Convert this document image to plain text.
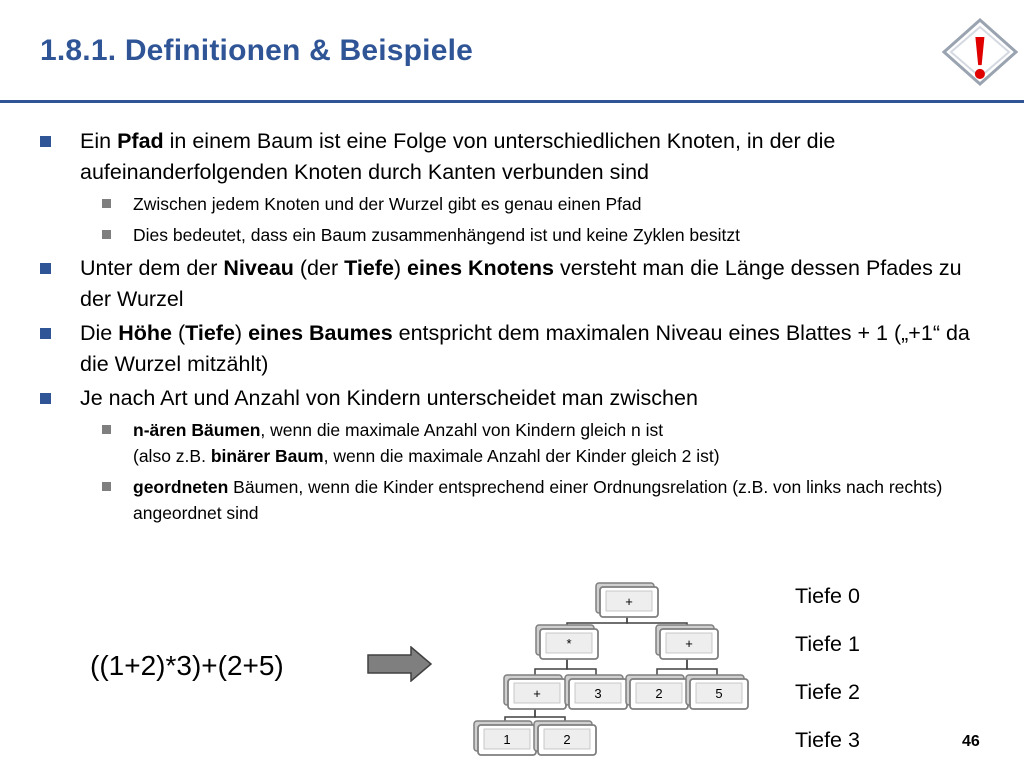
1.8.1. Definitionen & Beispiele	!
Ein Pfad in einem Baum ist eine Folge von unterschiedlichen Knoten, in der die aufeinanderfolgenden Knoten durch Kanten verbunden sind
Zwischen jedem Knoten und der Wurzel gibt es genau einen Pfad
Dies bedeutet, dass ein Baum zusammenhängend ist und keine Zyklen besitzt
Unter dem der Niveau (der Tiefe) eines Knotens versteht man die Länge dessen Pfades zu der Wurzel
Die Höhe (Tiefe) eines Baumes entspricht dem maximalen Niveau eines Blattes + 1 („+1“ da die Wurzel mitzählt)
Je nach Art und Anzahl von Kindern unterscheidet man zwischen
n-ären Bäumen, wenn die maximale Anzahl von Kindern gleich n ist
(also z.B. binärer Baum, wenn die maximale Anzahl der Kinder gleich 2 ist)
geordneten Bäumen, wenn die Kinder entsprechend einer Ordnungsrelation (z.B. von links nach rechts) angeordnet sind
+
*	+
+	3	2	5
1	2
((1+2)*3)+(2+5)
Tiefe 0
Tiefe 1
Tiefe 2
Tiefe 3	46
